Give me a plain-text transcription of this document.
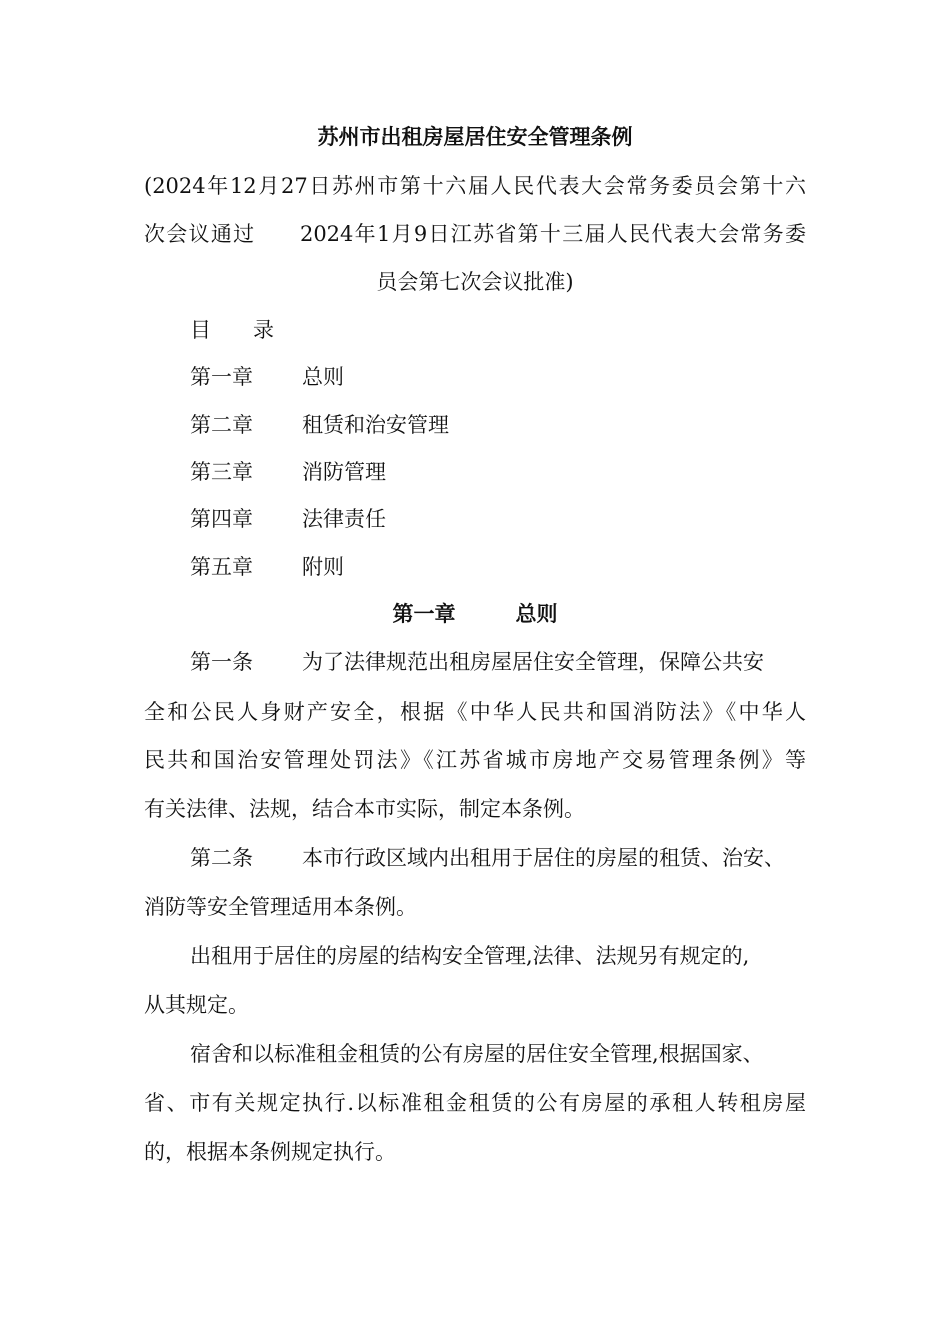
苏州市出租房屋居住安全管理条例
(2024年12月27日苏州市第十六届人民代表大会常务委员会第十六
次会议通过　　2024年1月9日江苏省第十三届人民代表大会常务委
员会第七次会议批准)
目　　录
第一章 总则
第二章 租赁和治安管理
第三章 消防管理
第四章 法律责任
第五章 附则
第一章	总则
第一条 为了法律规范出租房屋居住安全管理，保障公共安
全和公民人身财产安全，根据《中华人民共和国消防法》《中华人
民共和国治安管理处罚法》《江苏省城市房地产交易管理条例》等
有关法律、法规，结合本市实际，制定本条例。
第二条 本市行政区域内出租用于居住的房屋的租赁、治安、
消防等安全管理适用本条例。
出租用于居住的房屋的结构安全管理,法律、法规另有规定的,
从其规定。
宿舍和以标准租金租赁的公有房屋的居住安全管理,根据国家、
省、市有关规定执行.以标准租金租赁的公有房屋的承租人转租房屋
的，根据本条例规定执行。
